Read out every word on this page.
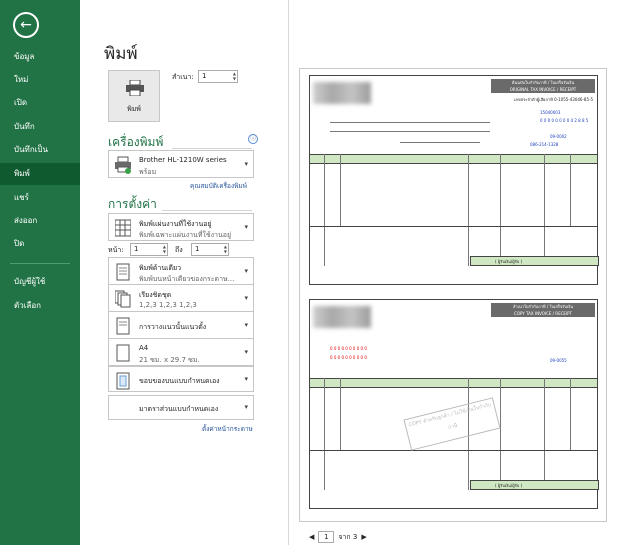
←
ข้อมูล
ใหม่
เปิด
บันทึก
บันทึกเป็น
พิมพ์
แชร์
ส่งออก
ปิด
บัญชีผู้ใช้
ตัวเลือก
พิมพ์
พิมพ์
สำเนา:	1	▲
▼
เครื่องพิมพ์	ⓘ
Brother HL-1210W series
พร้อม
▾
คุณสมบัติเครื่องพิมพ์
การตั้งค่า
พิมพ์แผ่นงานที่ใช้งานอยู่
พิมพ์เฉพาะแผ่นงานที่ใช้งานอยู่
▾
หน้า:	1	▲
▼ ถึง	1	▲
▼
พิมพ์ด้านเดียว
พิมพ์บนหน้าเดียวของกระดาษ...
▾
เรียงชิดชุด
1,2,3 1,2,3 1,2,3
▾
การวางแนวนั้นแนวตั้ง	▾
A4
21 ซม. x 29.7 ซม.
▾
ขอบของบนแบบกำหนดเอง	▾
มาตราส่วนแบบกำหนดเอง	▾
ตั้งค่าหน้ากระดาษ
ต้นฉบับใบกำกับภาษี / ใบเสร็จรับเงิน
ORIGINAL TAX INVOICE / RECEIPT
เลขประจำตัวผู้เสียภาษี 0-1055-43046-85-5
15040003
0 0 0 0 0 0 0 0 4 2 8 8 5
09-0002
086-214-1328
( ผู้รับเงิน/ผู้รับ )
สำเนาใบกำกับภาษี / ใบเสร็จรับเงิน
COPY TAX INVOICE / RECEIPT
0 0 0 0 0 0 0 0 0 0
0 0 0 0 0 0 0 0 0 0
09-0055
COPY สำหรับลูกค้า / ไม่ใช้เป็นใบกำกับภาษี
( ผู้รับเงิน/ผู้รับ )
◀	1	จาก 3 ▶
